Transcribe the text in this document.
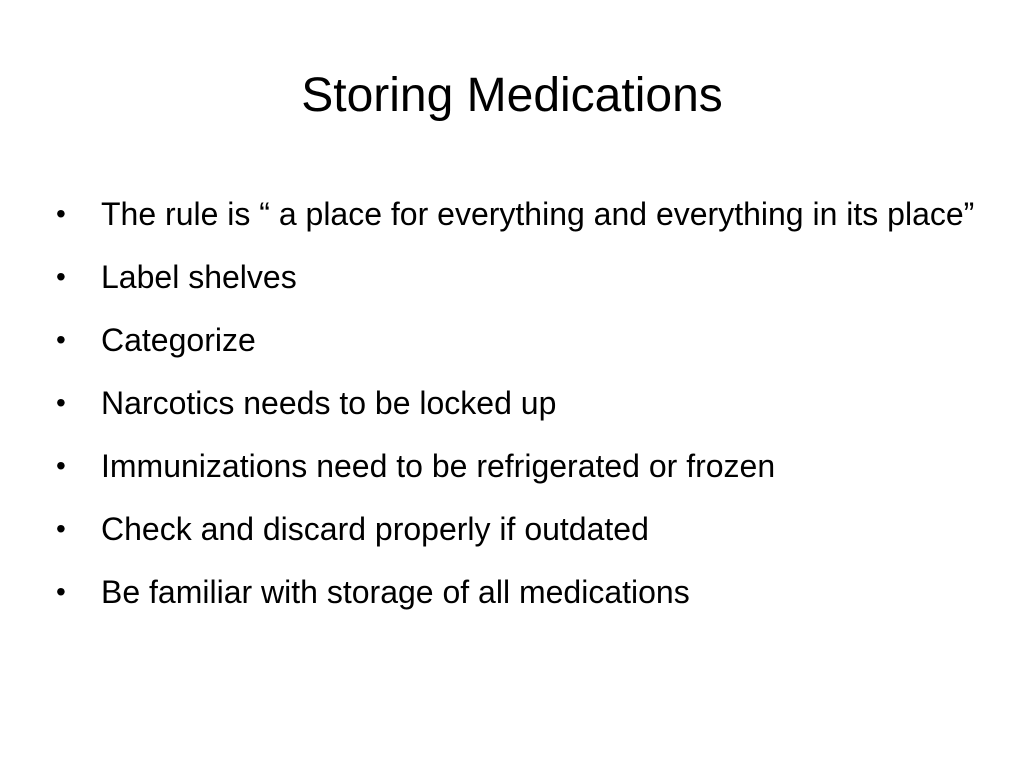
Storing Medications
•	The rule is “ a place for everything and everything in its place”
•	Label shelves
•	Categorize
•	Narcotics needs to be locked up
•	Immunizations need to be refrigerated or frozen
•	Check and discard properly if outdated
•	Be familiar with storage of all medications
